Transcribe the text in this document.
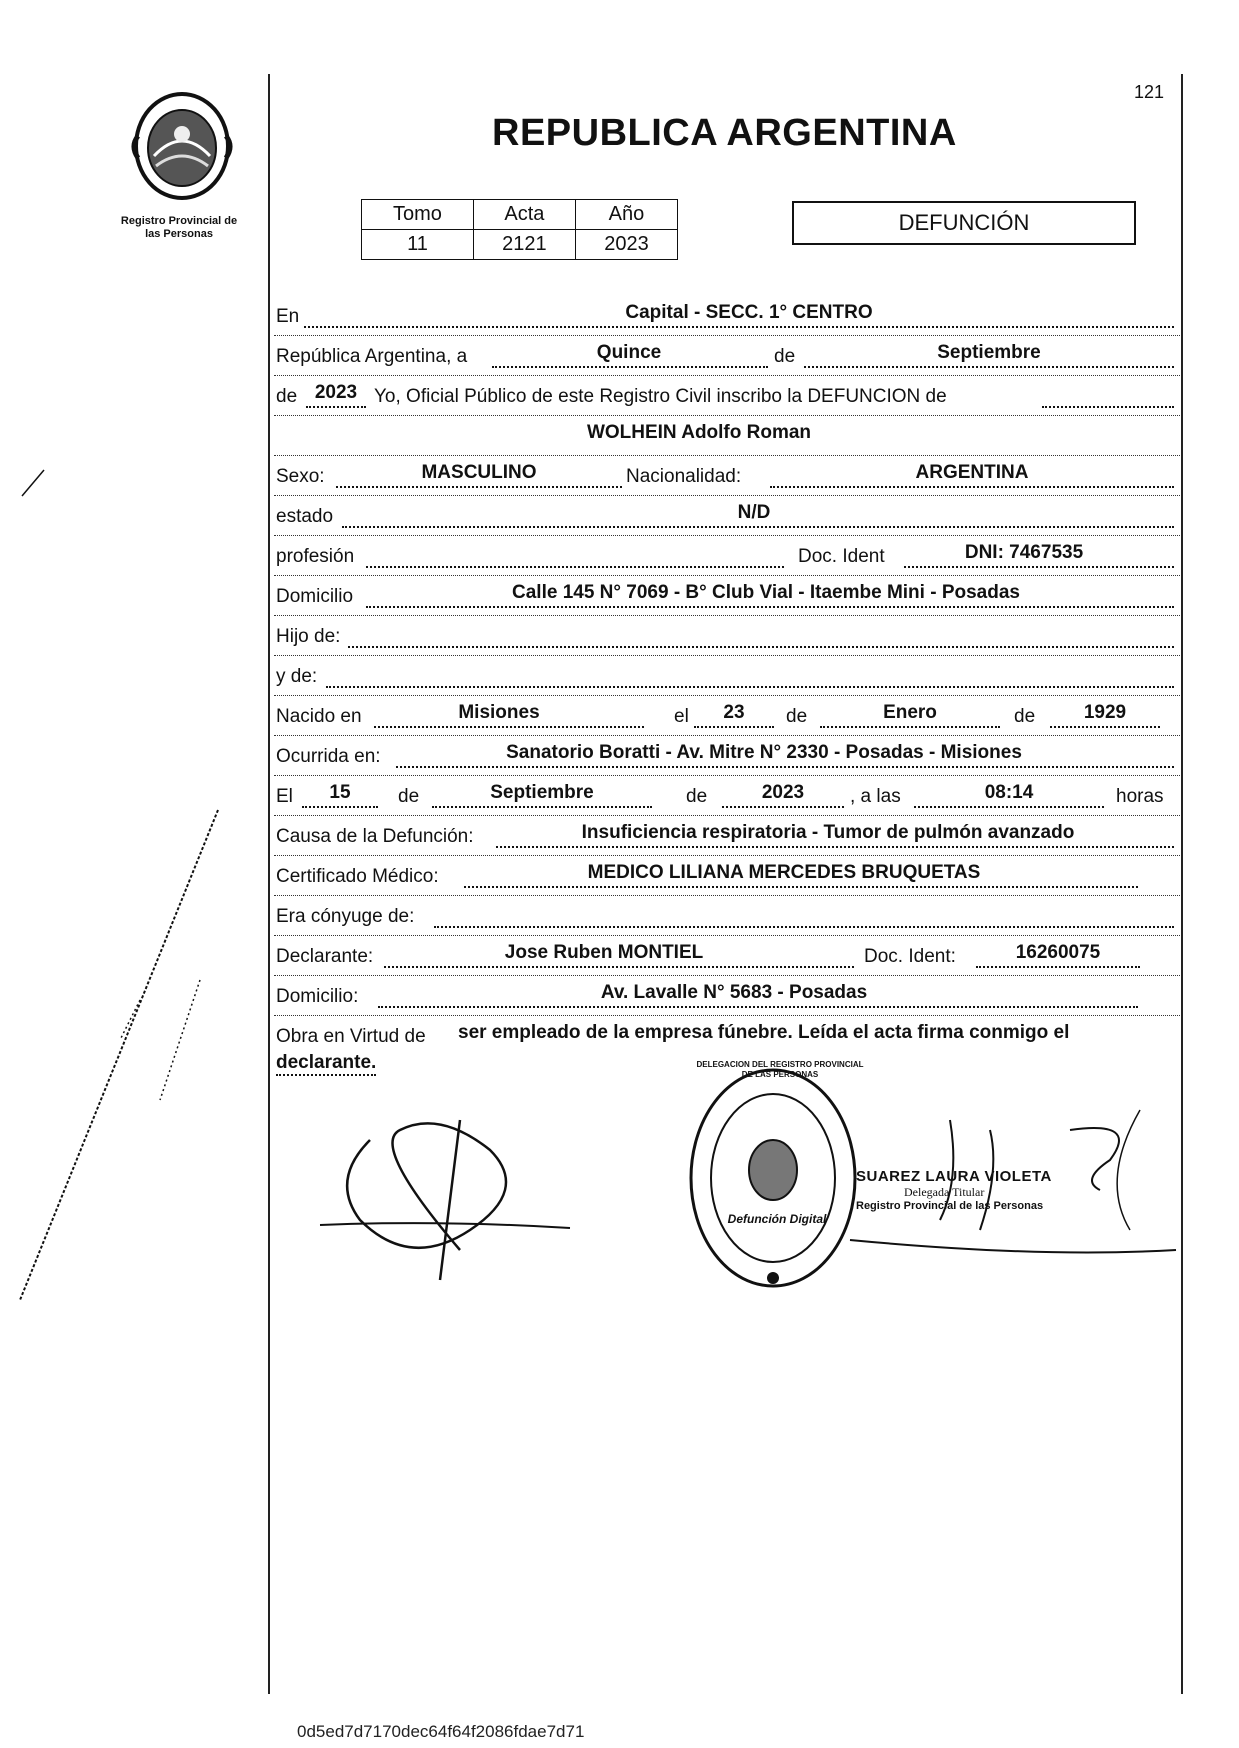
121
Registro Provincial de
las Personas
REPUBLICA ARGENTINA
Tomo	Acta	Año
11	2121	2023
DEFUNCIÓN
En	Capital - SECC. 1° CENTRO
República Argentina, a	Quince	de	Septiembre
de 2023 Yo, Oficial Público de este Registro Civil inscribo la DEFUNCION de
WOLHEIN Adolfo Roman
Sexo:	MASCULINO	Nacionalidad:	ARGENTINA
estado	N/D
profesión	Doc. Ident	DNI: 7467535
Domicilio	Calle 145 N° 7069 - B° Club Vial - Itaembe Mini - Posadas
Hijo de:
y de:
Nacido en	Misiones	el	23	de	Enero	de	1929
Ocurrida en:	Sanatorio Boratti - Av. Mitre N° 2330 - Posadas - Misiones
El	15	de	Septiembre	de	2023	, a las	08:14	horas
Causa de la Defunción:	Insuficiencia respiratoria - Tumor de pulmón avanzado
Certificado Médico:	MEDICO LILIANA MERCEDES BRUQUETAS
Era cónyuge de:
Declarante:	Jose Ruben MONTIEL	Doc. Ident:	16260075
Domicilio:	Av. Lavalle N° 5683 - Posadas
Obra en Virtud de ser empleado de la empresa fúnebre. Leída el acta firma conmigo el
declarante.	DELEGACION DEL REGISTRO PROVINCIAL DE LAS PERSONAS
Defunción Digital
SUAREZ LAURA VIOLETA
Delegada Titular
Registro Provincial de las Personas
0d5ed7d7170dec64f64f2086fdae7d71
